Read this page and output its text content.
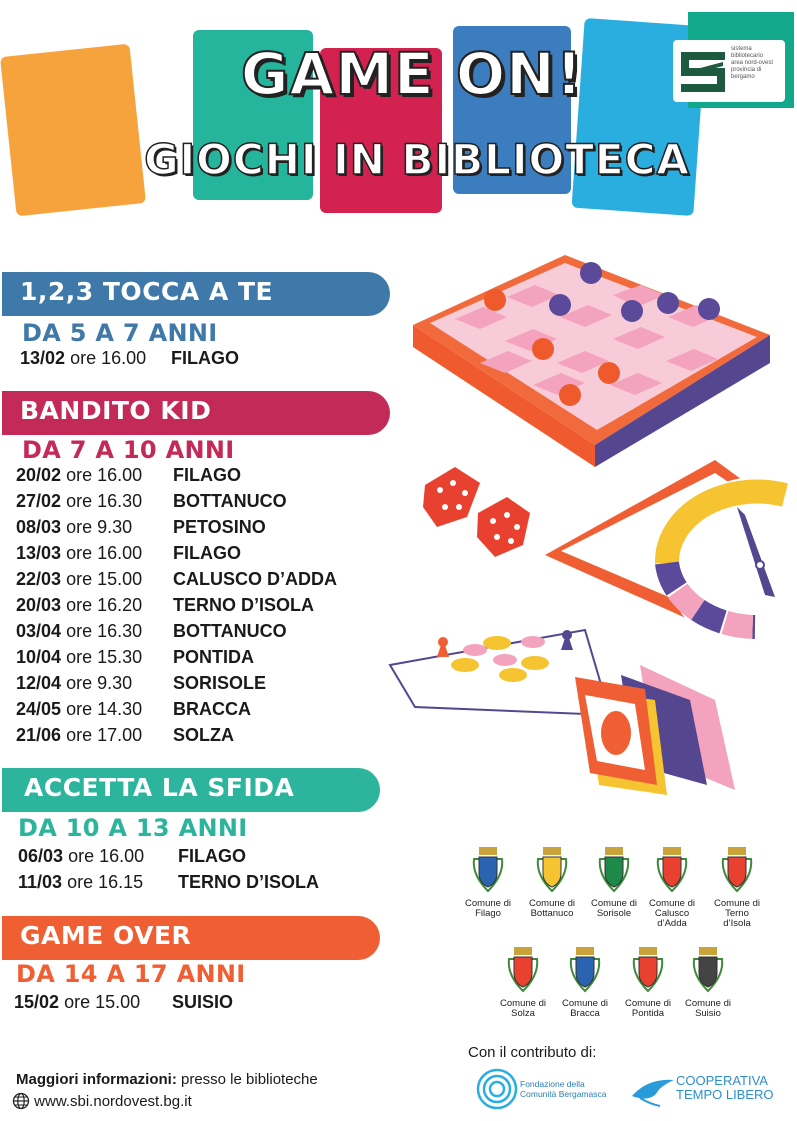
GAME ON!
GIOCHI IN BIBLIOTECA
sistema bibliotecario
area nord-ovest
provincia di bergamo
1,2,3 TOCCA A TE
DA 5 A 7 ANNI
13/02 ore 16.00 FILAGO
BANDITO KID
DA 7 A 10 ANNI
20/02 ore 16.00 FILAGO
27/02 ore 16.30 BOTTANUCO
08/03 ore 9.30 PETOSINO
13/03 ore 16.00 FILAGO
22/03 ore 15.00 CALUSCO D’ADDA
20/03 ore 16.20 TERNO D’ISOLA
03/04 ore 16.30 BOTTANUCO
10/04 ore 15.30 PONTIDA
12/04 ore 9.30 SORISOLE
24/05 ore 14.30 BRACCA
21/06 ore 17.00 SOLZA
ACCETTA LA SFIDA
DA 10 A 13 ANNI
06/03 ore 16.00 FILAGO
11/03 ore 16.15 TERNO D’ISOLA
GAME OVER
DA 14 A 17 ANNI
15/02 ore 15.00 SUISIO
Comune di
Filago
Comune di
Bottanuco
Comune di
Sorisole
Comune di
Calusco
d’Adda
Comune di
Terno
d’Isola
Comune di
Solza
Comune di
Bracca
Comune di
Pontida
Comune di
Suisio
Con il contributo di:
Fondazione della
Comunità Bergamasca
COOPERATIVA
TEMPO LIBERO
Maggiori informazioni: presso le biblioteche
www.sbi.nordovest.bg.it
